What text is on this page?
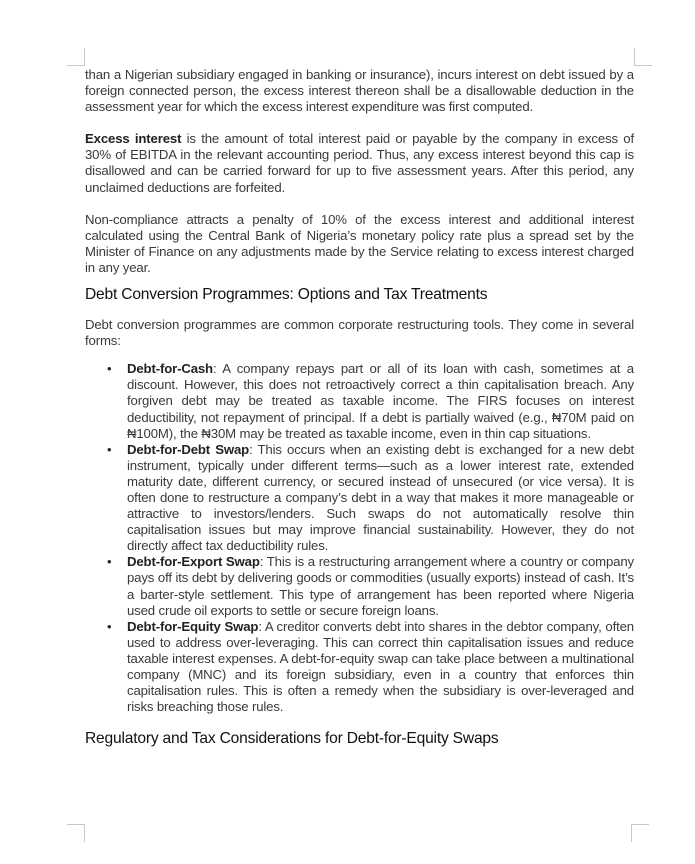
than a Nigerian subsidiary engaged in banking or insurance), incurs interest on debt issued by a foreign connected person, the excess interest thereon shall be a disallowable deduction in the assessment year for which the excess interest expenditure was first computed.

Excess interest is the amount of total interest paid or payable by the company in excess of 30% of EBITDA in the relevant accounting period. Thus, any excess interest beyond this cap is disallowed and can be carried forward for up to five assessment years. After this period, any unclaimed deductions are forfeited.

Non-compliance attracts a penalty of 10% of the excess interest and additional interest calculated using the Central Bank of Nigeria’s monetary policy rate plus a spread set by the Minister of Finance on any adjustments made by the Service relating to excess interest charged in any year.

Debt Conversion Programmes: Options and Tax Treatments

Debt conversion programmes are common corporate restructuring tools. They come in several forms:

• Debt-for-Cash: A company repays part or all of its loan with cash, sometimes at a discount. However, this does not retroactively correct a thin capitalisation breach. Any forgiven debt may be treated as taxable income. The FIRS focuses on interest deductibility, not repayment of principal. If a debt is partially waived (e.g., ₦70M paid on ₦100M), the ₦30M may be treated as taxable income, even in thin cap situations.

• Debt-for-Debt Swap: This occurs when an existing debt is exchanged for a new debt instrument, typically under different terms—such as a lower interest rate, extended maturity date, different currency, or secured instead of unsecured (or vice versa). It is often done to restructure a company’s debt in a way that makes it more manageable or attractive to investors/lenders. Such swaps do not automatically resolve thin capitalisation issues but may improve financial sustainability. However, they do not directly affect tax deductibility rules.

• Debt-for-Export Swap: This is a restructuring arrangement where a country or company pays off its debt by delivering goods or commodities (usually exports) instead of cash. It’s a barter-style settlement. This type of arrangement has been reported where Nigeria used crude oil exports to settle or secure foreign loans.

• Debt-for-Equity Swap: A creditor converts debt into shares in the debtor company, often used to address over-leveraging. This can correct thin capitalisation issues and reduce taxable interest expenses. A debt-for-equity swap can take place between a multinational company (MNC) and its foreign subsidiary, even in a country that enforces thin capitalisation rules. This is often a remedy when the subsidiary is over-leveraged and risks breaching those rules.

Regulatory and Tax Considerations for Debt-for-Equity Swaps
